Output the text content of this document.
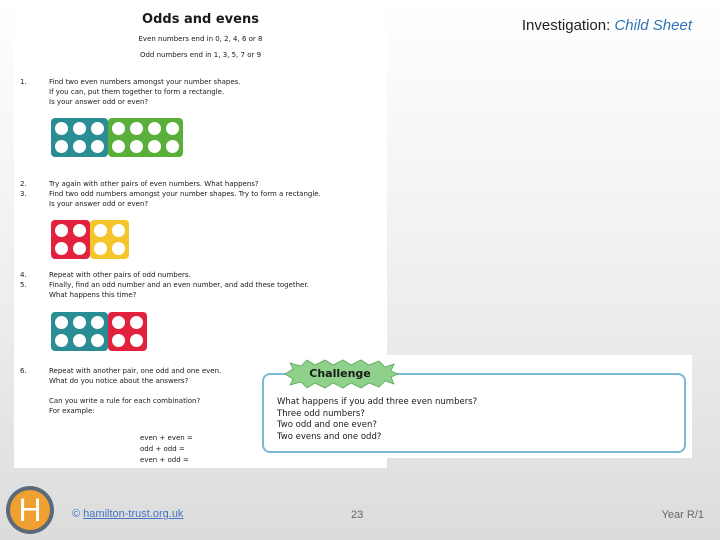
Odds and evens
Even numbers end in 0, 2, 4, 6 or 8
Odd numbers end in 1, 3, 5, 7 or 9
1.	Find two even numbers amongst your number shapes.
If you can, put them together to form a rectangle.
Is your answer odd or even?
2.
3.
Try again with other pairs of even numbers. What happens?
Find two odd numbers amongst your number shapes. Try to form a rectangle.
Is your answer odd or even?
4.
5.
Repeat with other pairs of odd numbers.
Finally, find an odd number and an even number, and add these together.
What happens this time?
6.	Repeat with another pair, one odd and one even.
What do you notice about the answers?
Can you write a rule for each combination?
For example:
even + even =
odd + odd =
even + odd =
Challenge
What happens if you add three even numbers?
Three odd numbers?
Two odd and one even?
Two evens and one odd?
Investigation: Child Sheet
H	© hamilton-trust.org.uk	23	Year R/1
